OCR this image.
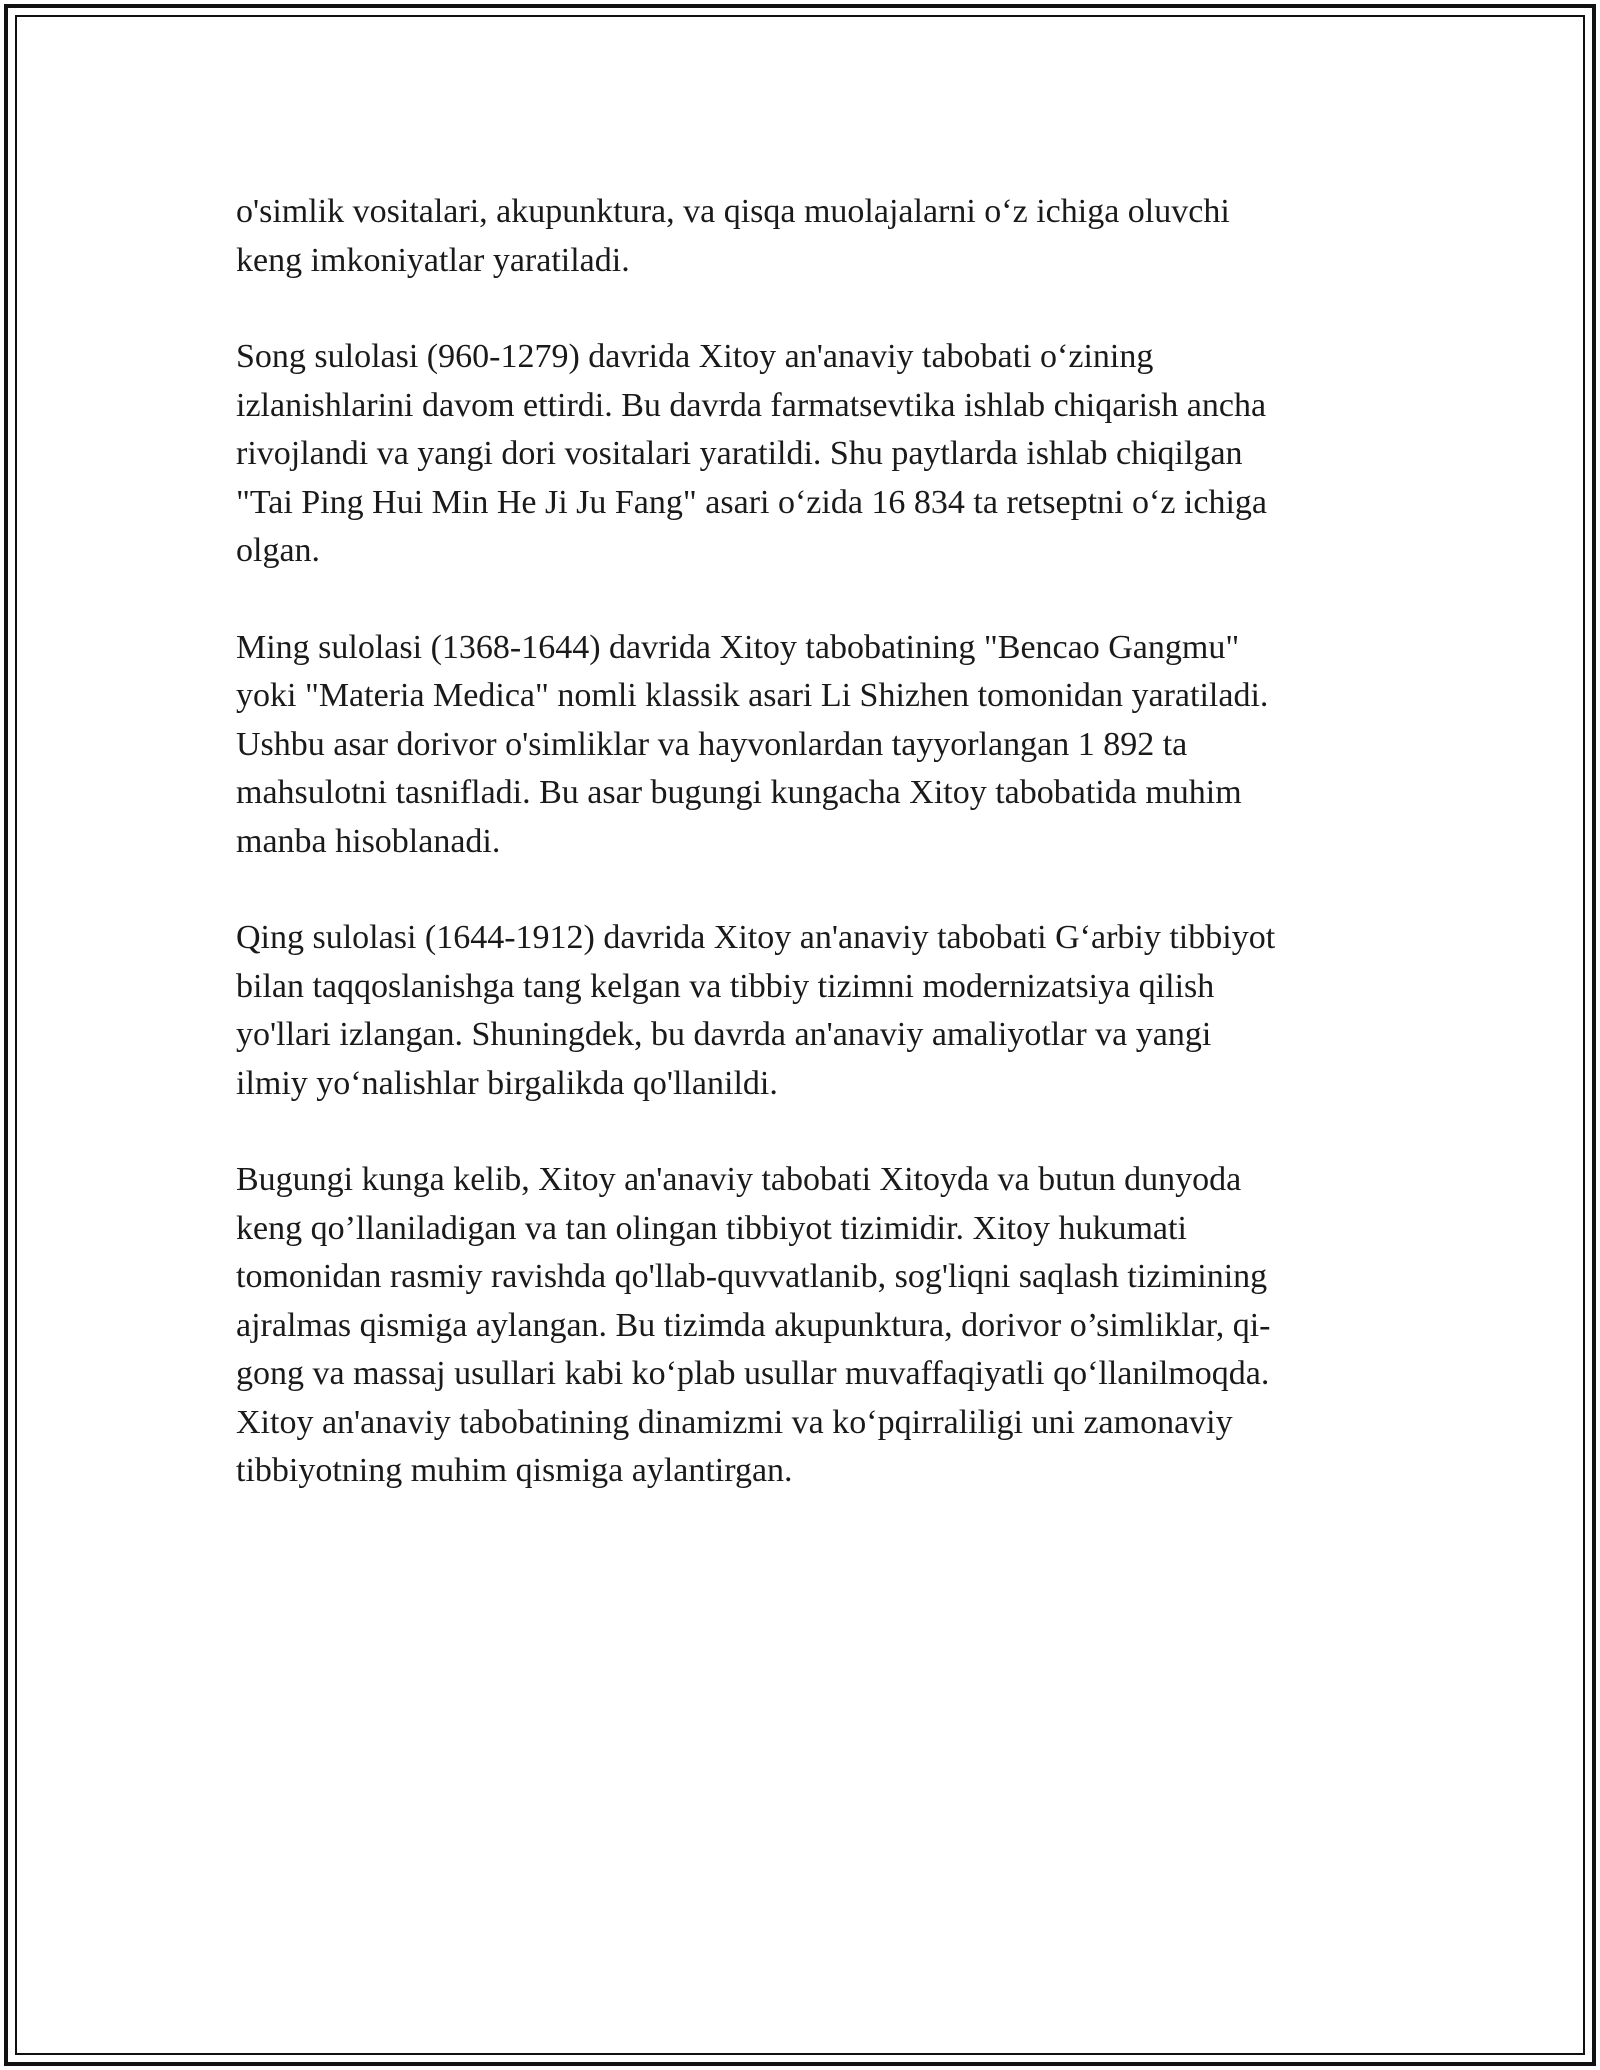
o'simlik vositalari, akupunktura, va qisqa muolajalarni o‘z ichiga oluvchi
keng imkoniyatlar yaratiladi.

Song sulolasi (960-1279) davrida Xitoy an'anaviy tabobati o‘zining
izlanishlarini davom ettirdi. Bu davrda farmatsevtika ishlab chiqarish ancha
rivojlandi va yangi dori vositalari yaratildi. Shu paytlarda ishlab chiqilgan
"Tai Ping Hui Min He Ji Ju Fang" asari o‘zida 16 834 ta retseptni o‘z ichiga
olgan.

Ming sulolasi (1368-1644) davrida Xitoy tabobatining "Bencao Gangmu"
yoki "Materia Medica" nomli klassik asari Li Shizhen tomonidan yaratiladi.
Ushbu asar dorivor o'simliklar va hayvonlardan tayyorlangan 1 892 ta
mahsulotni tasnifladi. Bu asar bugungi kungacha Xitoy tabobatida muhim
manba hisoblanadi.

Qing sulolasi (1644-1912) davrida Xitoy an'anaviy tabobati G‘arbiy tibbiyot
bilan taqqoslanishga tang kelgan va tibbiy tizimni modernizatsiya qilish
yo'llari izlangan. Shuningdek, bu davrda an'anaviy amaliyotlar va yangi
ilmiy yo‘nalishlar birgalikda qo'llanildi.

Bugungi kunga kelib, Xitoy an'anaviy tabobati Xitoyda va butun dunyoda
keng qo’llaniladigan va tan olingan tibbiyot tizimidir. Xitoy hukumati
tomonidan rasmiy ravishda qo'llab-quvvatlanib, sog'liqni saqlash tizimining
ajralmas qismiga aylangan. Bu tizimda akupunktura, dorivor o’simliklar, qi-
gong va massaj usullari kabi ko‘plab usullar muvaffaqiyatli qo‘llanilmoqda.
Xitoy an'anaviy tabobatining dinamizmi va ko‘pqirraliligi uni zamonaviy
tibbiyotning muhim qismiga aylantirgan.
